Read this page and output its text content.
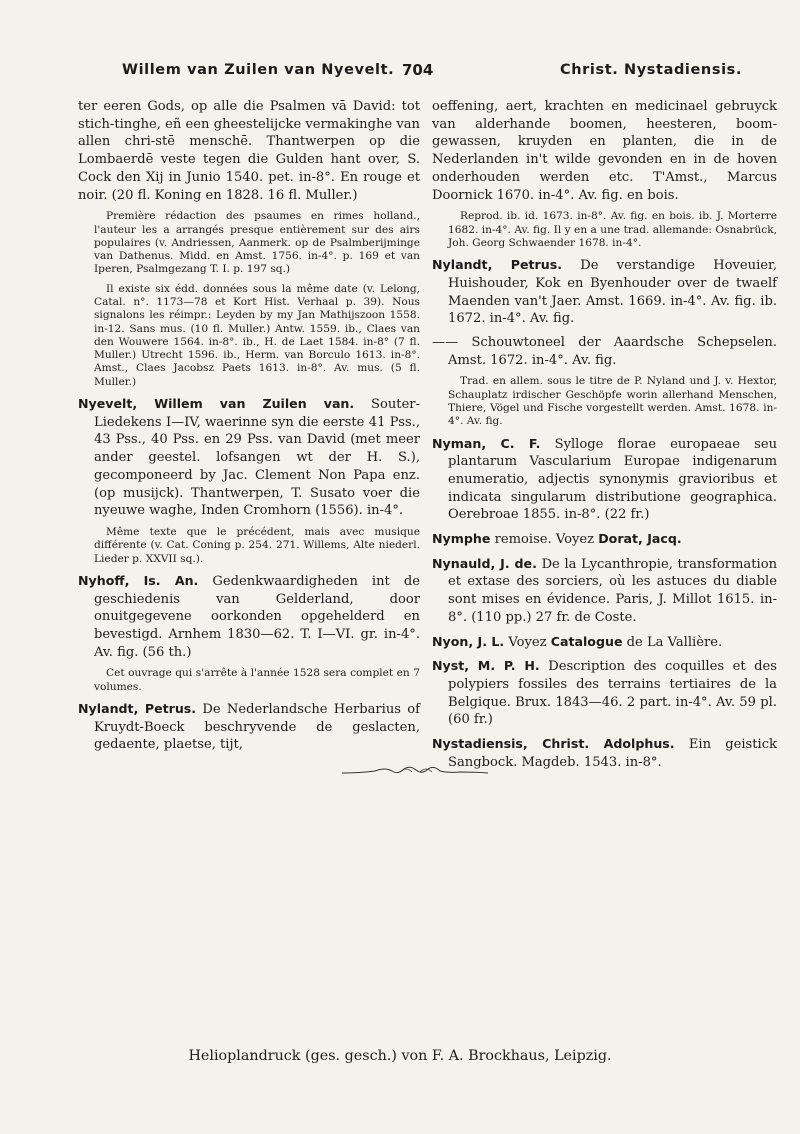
Willem van Zuilen van Nyevelt. 704	Christ. Nystadiensis.

ter eeren Gods, op alle die Psalmen vā David: tot stich-tinghe, eñ een gheestelijcke vermakinghe van allen chri-stē menschē. Thantwerpen op die Lombaerdē veste tegen die Gulden hant over, S. Cock den Xij in Junio 1540. pet. in-8°. En rouge et noir. (20 fl. Koning en 1828. 16 fl. Muller.)

Première rédaction des psaumes en rimes holland., l'auteur les a arrangés presque entièrement sur des airs populaires (v. Andriessen, Aanmerk. op de Psalmberijminge van Dathenus. Midd. en Amst. 1756. in-4°. p. 169 et van Iperen, Psalmgezang T. I. p. 197 sq.)

Il existe six édd. données sous la même date (v. Lelong, Catal. n°. 1173—78 et Kort Hist. Verhaal p. 39). Nous signalons les réimpr.: Leyden by my Jan Mathijszoon 1558. in-12. Sans mus. (10 fl. Muller.) Antw. 1559. ib., Claes van den Wouwere 1564. in-8°. ib., H. de Laet 1584. in-8° (7 fl. Muller.) Utrecht 1596. ib., Herm. van Borculo 1613. in-8°. Amst., Claes Jacobsz Paets 1613. in-8°. Av. mus. (5 fl. Muller.)

Nyevelt, Willem van Zuilen van. Souter-Liedekens I—IV, waerinne syn die eerste 41 Pss., 43 Pss., 40 Pss. en 29 Pss. van David (met meer ander geestel. lofsangen wt der H. S.), gecomponeerd by Jac. Clement Non Papa enz. (op musijck). Thantwerpen, T. Susato voer die nyeuwe waghe, Inden Cromhorn (1556). in-4°.

Même texte que le précédent, mais avec musique différente (v. Cat. Coning p. 254. 271. Willems, Alte niederl. Lieder p. XXVII sq.).

Nyhoff, Is. An. Gedenkwaardigheden int de geschiedenis van Gelderland, door onuitgegevene oorkonden opgehelderd en bevestigd. Arnhem 1830—62. T. I—VI. gr. in-4°. Av. fig. (56 th.)

Cet ouvrage qui s'arrête à l'année 1528 sera complet en 7 volumes.

Nylandt, Petrus. De Nederlandsche Herbarius of Kruydt-Boeck beschryvende de geslacten, gedaente, plaetse, tijt,

oeffening, aert, krachten en medicinael gebruyck van alderhande boomen, heesteren, boom-gewassen, kruyden en planten, die in de Nederlanden in't wilde gevonden en in de hoven onderhouden werden etc. T'Amst., Marcus Doornick 1670. in-4°. Av. fig. en bois.

Reprod. ib. id. 1673. in-8°. Av. fig. en bois. ib. J. Morterre 1682. in-4°. Av. fig. Il y en a une trad. allemande: Osnabrück, Joh. Georg Schwaender 1678. in-4°.

Nylandt, Petrus. De verstandige Hoveuier, Huishouder, Kok en Byenhouder over de twaelf Maenden van't Jaer. Amst. 1669. in-4°. Av. fig. ib. 1672. in-4°. Av. fig.

—— Schouwtoneel der Aaardsche Schepselen. Amst. 1672. in-4°. Av. fig.

Trad. en allem. sous le titre de P. Nyland und J. v. Hextor, Schauplatz irdischer Geschöpfe worin allerhand Menschen, Thiere, Vögel und Fische vorgestellt werden. Amst. 1678. in-4°. Av. fig.

Nyman, C. F. Sylloge florae europaeae seu plantarum Vascularium Europae indigenarum enumeratio, adjectis synonymis gravioribus et indicata singularum distributione geographica. Oerebroae 1855. in-8°. (22 fr.)

Nymphe remoise. Voyez Dorat, Jacq.

Nynauld, J. de. De la Lycanthropie, transformation et extase des sorciers, où les astuces du diable sont mises en évidence. Paris, J. Millot 1615. in-8°. (110 pp.) 27 fr. de Coste.

Nyon, J. L. Voyez Catalogue de La Vallière.

Nyst, M. P. H. Description des coquilles et des polypiers fossiles des terrains tertiaires de la Belgique. Brux. 1843—46. 2 part. in-4°. Av. 59 pl. (60 fr.)

Nystadiensis, Christ. Adolphus. Ein geistick Sangbock. Magdeb. 1543. in-8°.

Helioplandruck (ges. gesch.) von F. A. Brockhaus, Leipzig.
